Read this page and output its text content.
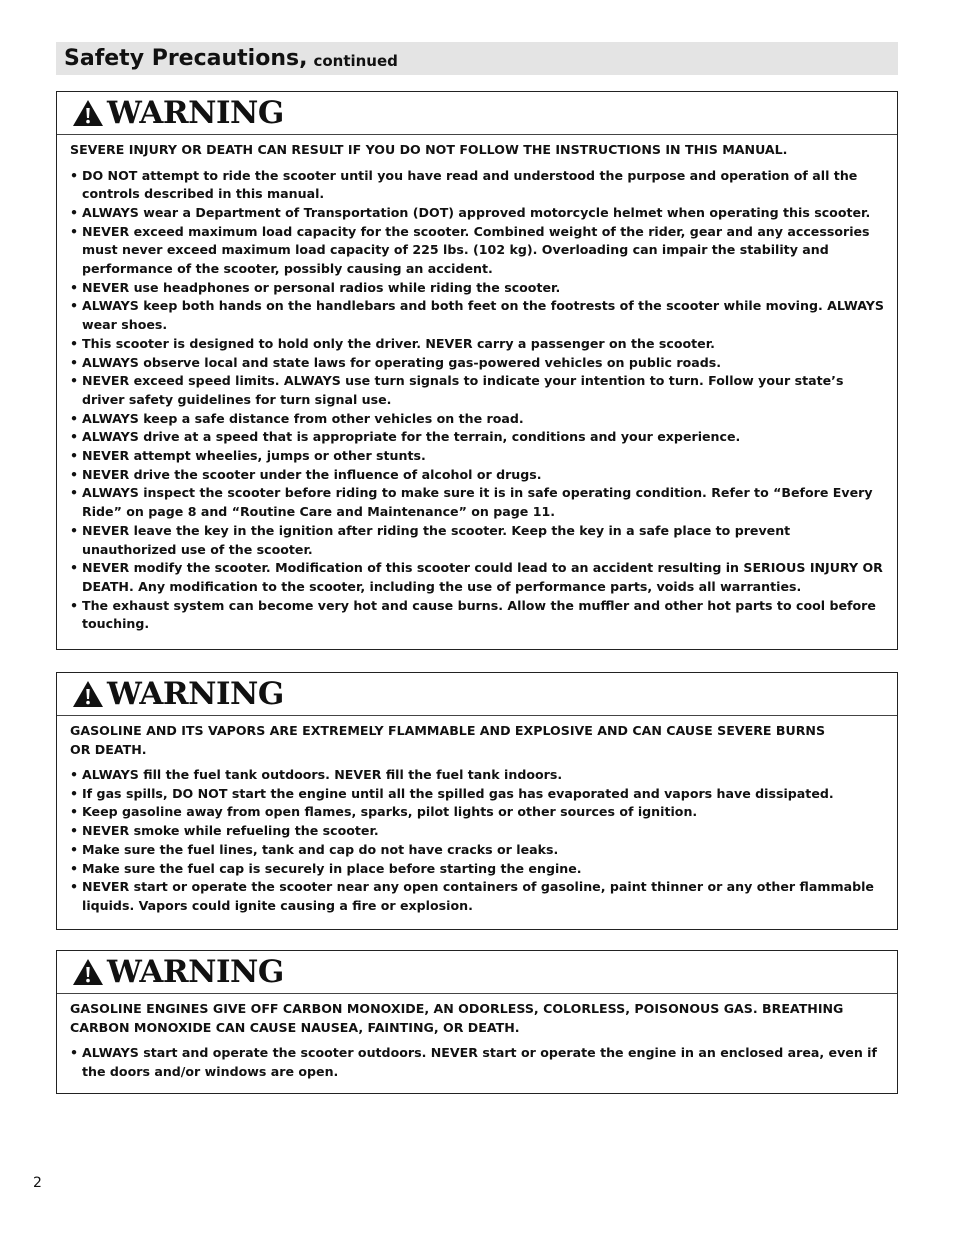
Safety Precautions, continued
WARNING

SEVERE INJURY OR DEATH CAN RESULT IF YOU DO NOT FOLLOW THE INSTRUCTIONS IN THIS MANUAL.

• DO NOT attempt to ride the scooter until you have read and understood the purpose and operation of all the controls described in this manual.
• ALWAYS wear a Department of Transportation (DOT) approved motorcycle helmet when operating this scooter.
• NEVER exceed maximum load capacity for the scooter. Combined weight of the rider, gear and any accessories must never exceed maximum load capacity of 225 lbs. (102 kg). Overloading can impair the stability and performance of the scooter, possibly causing an accident.
• NEVER use headphones or personal radios while riding the scooter.
• ALWAYS keep both hands on the handlebars and both feet on the footrests of the scooter while moving. ALWAYS wear shoes.
• This scooter is designed to hold only the driver. NEVER carry a passenger on the scooter.
• ALWAYS observe local and state laws for operating gas-powered vehicles on public roads.
• NEVER exceed speed limits. ALWAYS use turn signals to indicate your intention to turn. Follow your state’s driver safety guidelines for turn signal use.
• ALWAYS keep a safe distance from other vehicles on the road.
• ALWAYS drive at a speed that is appropriate for the terrain, conditions and your experience.
• NEVER attempt wheelies, jumps or other stunts.
• NEVER drive the scooter under the influence of alcohol or drugs.
• ALWAYS inspect the scooter before riding to make sure it is in safe operating condition. Refer to “Before Every Ride” on page 8 and “Routine Care and Maintenance” on page 11.
• NEVER leave the key in the ignition after riding the scooter. Keep the key in a safe place to prevent unauthorized use of the scooter.
• NEVER modify the scooter. Modification of this scooter could lead to an accident resulting in SERIOUS INJURY OR DEATH. Any modification to the scooter, including the use of performance parts, voids all warranties.
• The exhaust system can become very hot and cause burns. Allow the muffler and other hot parts to cool before touching.
WARNING

GASOLINE AND ITS VAPORS ARE EXTREMELY FLAMMABLE AND EXPLOSIVE AND CAN CAUSE SEVERE BURNS OR DEATH.

• ALWAYS fill the fuel tank outdoors. NEVER fill the fuel tank indoors.
• If gas spills, DO NOT start the engine until all the spilled gas has evaporated and vapors have dissipated.
• Keep gasoline away from open flames, sparks, pilot lights or other sources of ignition.
• NEVER smoke while refueling the scooter.
• Make sure the fuel lines, tank and cap do not have cracks or leaks.
• Make sure the fuel cap is securely in place before starting the engine.
• NEVER start or operate the scooter near any open containers of gasoline, paint thinner or any other flammable liquids. Vapors could ignite causing a fire or explosion.
WARNING

GASOLINE ENGINES GIVE OFF CARBON MONOXIDE, AN ODORLESS, COLORLESS, POISONOUS GAS. BREATHING CARBON MONOXIDE CAN CAUSE NAUSEA, FAINTING, OR DEATH.

• ALWAYS start and operate the scooter outdoors. NEVER start or operate the engine in an enclosed area, even if the doors and/or windows are open.
2
